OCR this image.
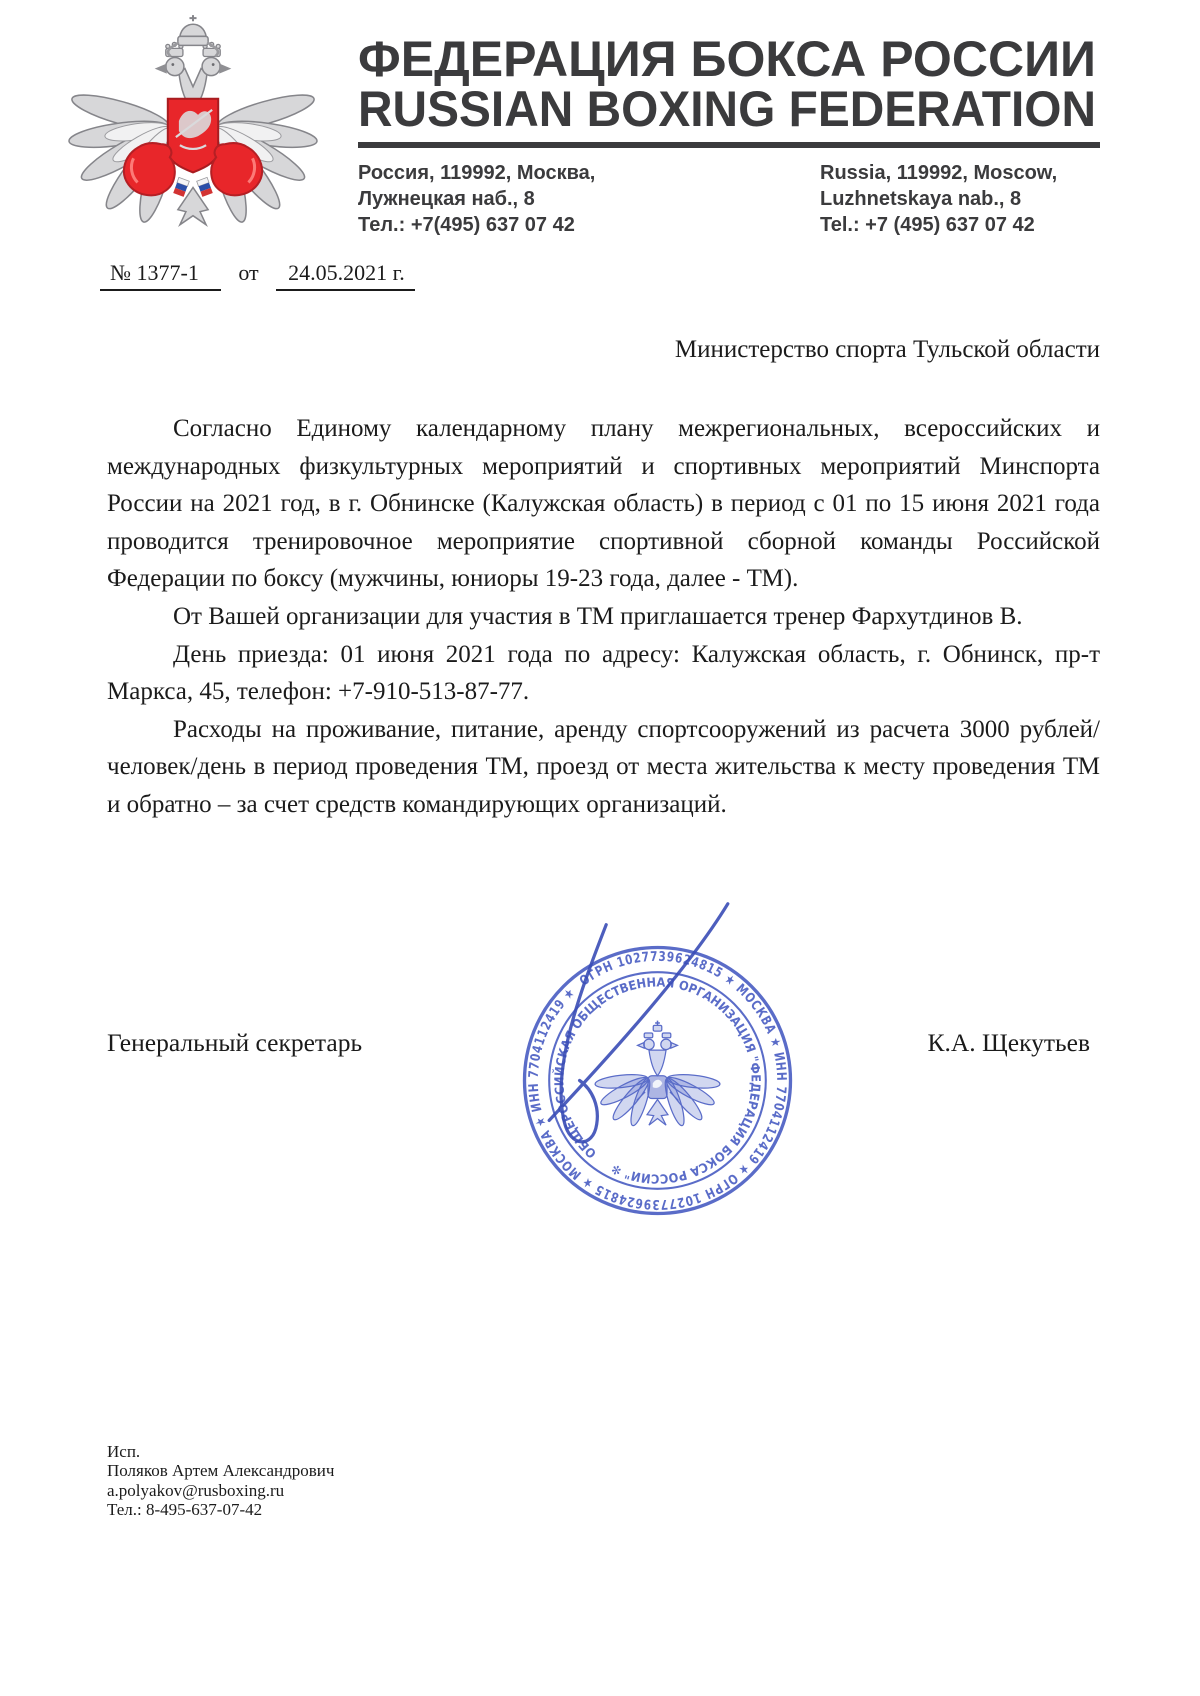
ФЕДЕРАЦИЯ БОКСА РОССИИ
RUSSIAN BOXING FEDERATION
Россия, 119992, Москва,
Лужнецкая наб., 8
Тел.: +7(495) 637 07 42
Russia, 119992, Moscow,
Luzhnetskaya nab., 8
Tel.: +7 (495) 637 07 42
№ 1377-1 от 24.05.2021 г.
Министерство спорта Тульской области

Согласно Единому календарному плану межрегиональных, всероссийских и международных физкультурных мероприятий и спортивных мероприятий Минспорта России на 2021 год, в г. Обнинске (Калужская область) в период с 01 по 15 июня 2021 года проводится тренировочное мероприятие спортивной сборной команды Российской Федерации по боксу (мужчины, юниоры 19-23 года, далее - ТМ).

От Вашей организации для участия в ТМ приглашается тренер Фархутдинов В.

День приезда: 01 июня 2021 года по адресу: Калужская область, г. Обнинск, пр-т Маркса, 45, телефон: +7-910-513-87-77.

Расходы на проживание, питание, аренду спортсооружений из расчета 3000 рублей/человек/день в период проведения ТМ, проезд от места жительства к месту проведения ТМ и обратно – за счет средств командирующих организаций.

Генеральный секретарь	К.А. Щекутьев
ОГРН 1027739624815 ★ МОСКВА ★ ИНН 7704112419 ★ ОГРН 1027739624815 ★ МОСКВА ★ ИНН 7704112419 ★
ОБЩЕРОССИЙСКАЯ ОБЩЕСТВЕННАЯ ОРГАНИЗАЦИЯ "ФЕДЕРАЦИЯ БОКСА РОССИИ" ✻
Исп.
Поляков Артем Александрович
a.polyakov@rusboxing.ru
Тел.: 8-495-637-07-42
